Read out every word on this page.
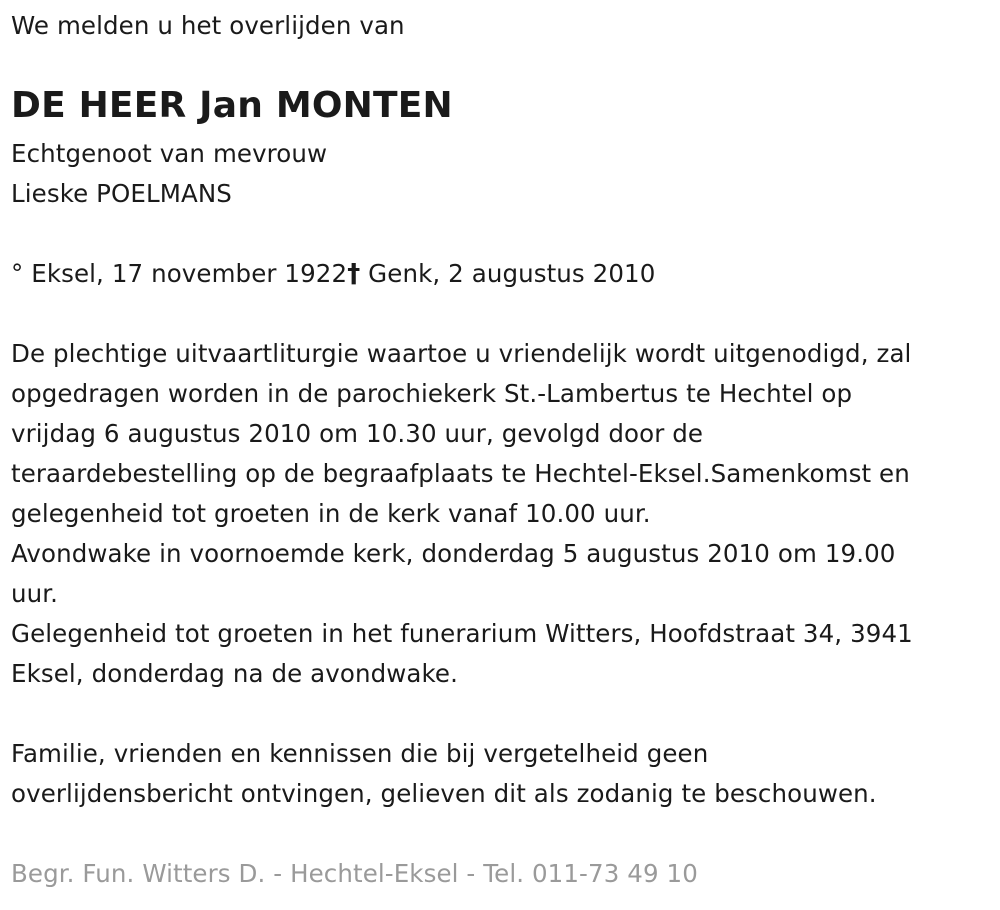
We melden u het overlijden van
DE HEER Jan MONTEN
Echtgenoot van mevrouw
Lieske POELMANS
° Eksel, 17 november 1922† Genk, 2 augustus 2010
De plechtige uitvaartliturgie waartoe u vriendelijk wordt uitgenodigd, zal
opgedragen worden in de parochiekerk St.-Lambertus te Hechtel op
vrijdag 6 augustus 2010 om 10.30 uur, gevolgd door de
teraardebestelling op de begraafplaats te Hechtel-Eksel.Samenkomst en
gelegenheid tot groeten in de kerk vanaf 10.00 uur.
Avondwake in voornoemde kerk, donderdag 5 augustus 2010 om 19.00
uur.
Gelegenheid tot groeten in het funerarium Witters, Hoofdstraat 34, 3941
Eksel, donderdag na de avondwake.
Familie, vrienden en kennissen die bij vergetelheid geen
overlijdensbericht ontvingen, gelieven dit als zodanig te beschouwen.
Begr. Fun. Witters D. - Hechtel-Eksel - Tel. 011-73 49 10
